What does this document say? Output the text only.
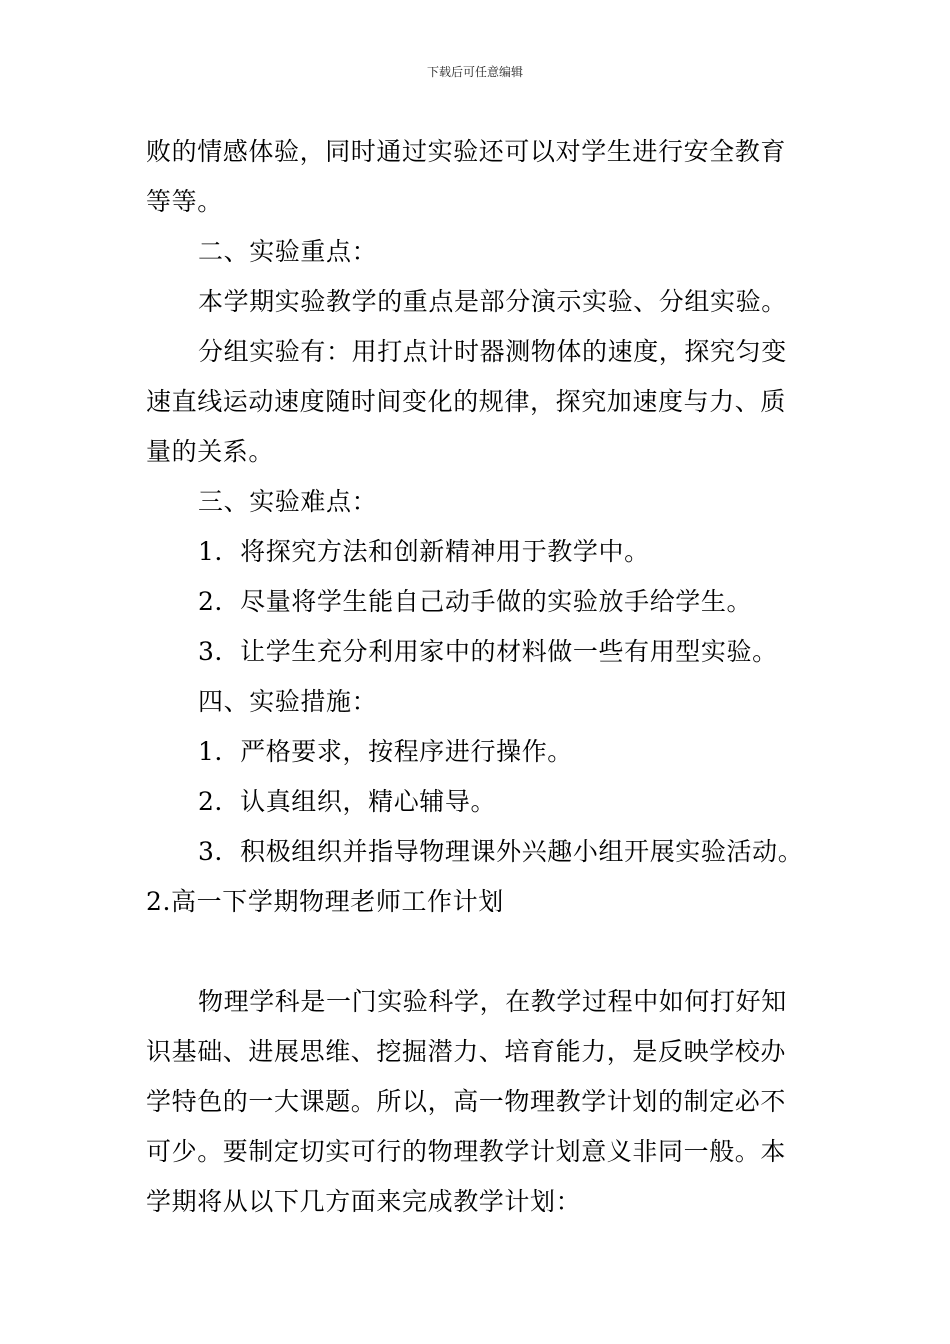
下载后可任意编辑

败的情感体验，同时通过实验还可以对学生进行安全教育等等。

二、实验重点：

本学期实验教学的重点是部分演示实验、分组实验。

分组实验有：用打点计时器测物体的速度，探究匀变速直线运动速度随时间变化的规律，探究加速度与力、质量的关系。

三、实验难点：

1．将探究方法和创新精神用于教学中。

2．尽量将学生能自己动手做的实验放手给学生。

3．让学生充分利用家中的材料做一些有用型实验。

四、实验措施：

1．严格要求，按程序进行操作。

2．认真组织，精心辅导。

3．积极组织并指导物理课外兴趣小组开展实验活动。

2.高一下学期物理老师工作计划

物理学科是一门实验科学，在教学过程中如何打好知识基础、进展思维、挖掘潜力、培育能力，是反映学校办学特色的一大课题。所以，高一物理教学计划的制定必不可少。要制定切实可行的物理教学计划意义非同一般。本学期将从以下几方面来完成教学计划：
